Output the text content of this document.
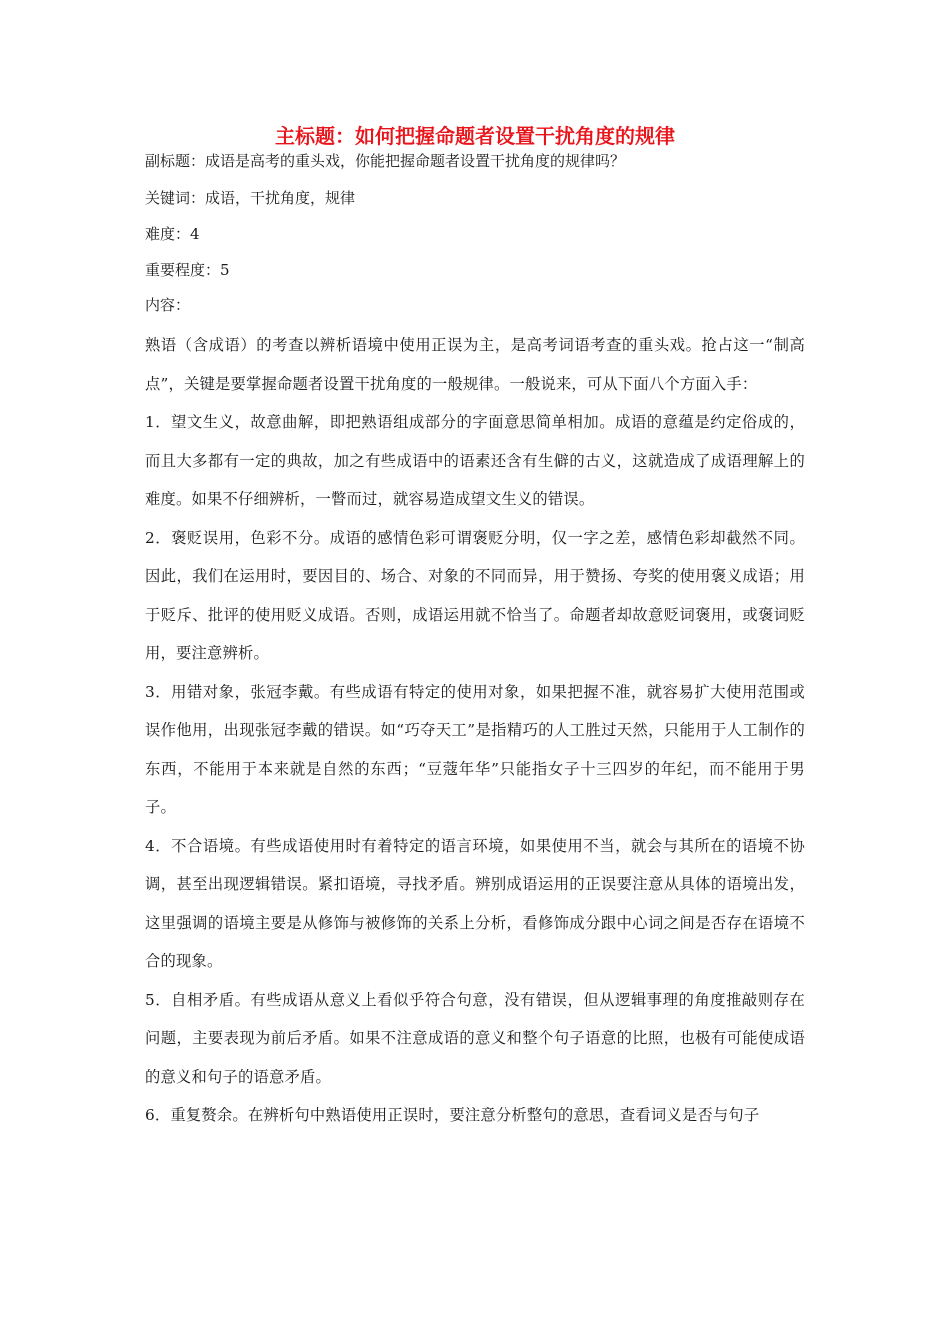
主标题：如何把握命题者设置干扰角度的规律

副标题：成语是高考的重头戏，你能把握命题者设置干扰角度的规律吗？

关键词：成语，干扰角度，规律

难度：4

重要程度：5

内容：

熟语（含成语）的考查以辨析语境中使用正误为主，是高考词语考查的重头戏。抢占这一“制高点”，关键是要掌握命题者设置干扰角度的一般规律。一般说来，可从下面八个方面入手：

1．望文生义，故意曲解，即把熟语组成部分的字面意思简单相加。成语的意蕴是约定俗成的，而且大多都有一定的典故，加之有些成语中的语素还含有生僻的古义，这就造成了成语理解上的难度。如果不仔细辨析，一瞥而过，就容易造成望文生义的错误。

2．褒贬误用，色彩不分。成语的感情色彩可谓褒贬分明，仅一字之差，感情色彩却截然不同。因此，我们在运用时，要因目的、场合、对象的不同而异，用于赞扬、夸奖的使用褒义成语；用于贬斥、批评的使用贬义成语。否则，成语运用就不恰当了。命题者却故意贬词褒用，或褒词贬用，要注意辨析。

3．用错对象，张冠李戴。有些成语有特定的使用对象，如果把握不准，就容易扩大使用范围或误作他用，出现张冠李戴的错误。如“巧夺天工”是指精巧的人工胜过天然，只能用于人工制作的东西，不能用于本来就是自然的东西；“豆蔻年华”只能指女子十三四岁的年纪，而不能用于男子。

4．不合语境。有些成语使用时有着特定的语言环境，如果使用不当，就会与其所在的语境不协调，甚至出现逻辑错误。紧扣语境，寻找矛盾。辨别成语运用的正误要注意从具体的语境出发，这里强调的语境主要是从修饰与被修饰的关系上分析，看修饰成分跟中心词之间是否存在语境不合的现象。

5．自相矛盾。有些成语从意义上看似乎符合句意，没有错误，但从逻辑事理的角度推敲则存在问题，主要表现为前后矛盾。如果不注意成语的意义和整个句子语意的比照，也极有可能使成语的意义和句子的语意矛盾。

6．重复赘余。在辨析句中熟语使用正误时，要注意分析整句的意思，查看词义是否与句子
